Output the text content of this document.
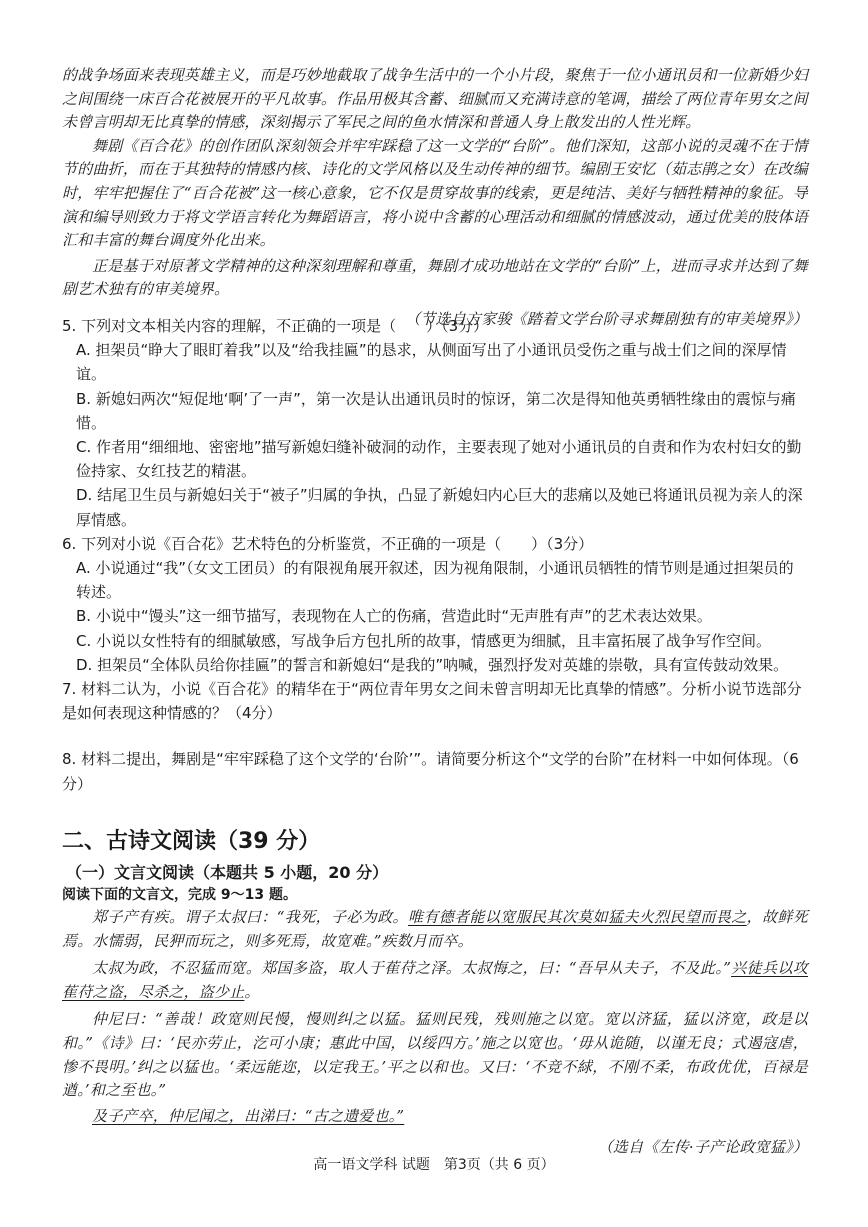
的战争场面来表现英雄主义，而是巧妙地截取了战争生活中的一个小片段，聚焦于一位小通讯员和一位新婚少妇之间围绕一床百合花被展开的平凡故事。作品用极其含蓄、细腻而又充满诗意的笔调，描绘了两位青年男女之间未曾言明却无比真挚的情感，深刻揭示了军民之间的鱼水情深和普通人身上散发出的人性光辉。

舞剧《百合花》的创作团队深刻领会并牢牢踩稳了这一文学的“台阶”。他们深知，这部小说的灵魂不在于情节的曲折，而在于其独特的情感内核、诗化的文学风格以及生动传神的细节。编剧王安忆（茹志鹃之女）在改编时，牢牢把握住了“百合花被”这一核心意象，它不仅是贯穿故事的线索，更是纯洁、美好与牺牲精神的象征。导演和编导则致力于将文学语言转化为舞蹈语言，将小说中含蓄的心理活动和细腻的情感波动，通过优美的肢体语汇和丰富的舞台调度外化出来。

正是基于对原著文学精神的这种深刻理解和尊重，舞剧才成功地站在文学的“台阶”上，进而寻求并达到了舞剧艺术独有的审美境界。

（节选自方家骏《踏着文学台阶寻求舞剧独有的审美境界》）

5. 下列对文本相关内容的理解，不正确的一项是（　　）（3分）

A. 担架员“睁大了眼盯着我”以及“给我挂匾”的恳求，从侧面写出了小通讯员受伤之重与战士们之间的深厚情谊。

B. 新媳妇两次“短促地‘啊’了一声”，第一次是认出通讯员时的惊讶，第二次是得知他英勇牺牲缘由的震惊与痛惜。

C. 作者用“细细地、密密地”描写新媳妇缝补破洞的动作，主要表现了她对小通讯员的自责和作为农村妇女的勤俭持家、女红技艺的精湛。

D. 结尾卫生员与新媳妇关于“被子”归属的争执，凸显了新媳妇内心巨大的悲痛以及她已将通讯员视为亲人的深厚情感。

6. 下列对小说《百合花》艺术特色的分析鉴赏，不正确的一项是（　　）（3分）

A. 小说通过“我”（女文工团员）的有限视角展开叙述，因为视角限制，小通讯员牺牲的情节则是通过担架员的转述。

B. 小说中“馒头”这一细节描写，表现物在人亡的伤痛，营造此时“无声胜有声”的艺术表达效果。

C. 小说以女性特有的细腻敏感，写战争后方包扎所的故事，情感更为细腻，且丰富拓展了战争写作空间。

D. 担架员“全体队员给你挂匾”的誓言和新媳妇“是我的”呐喊，强烈抒发对英雄的崇敬，具有宣传鼓动效果。

7. 材料二认为，小说《百合花》的精华在于“两位青年男女之间未曾言明却无比真挚的情感”。分析小说节选部分是如何表现这种情感的？（4分）

8. 材料二提出，舞剧是“牢牢踩稳了这个文学的‘台阶’”。请简要分析这个“文学的台阶”在材料一中如何体现。（6分）

二、古诗文阅读（39 分）
（一）文言文阅读（本题共 5 小题，20 分）
阅读下面的文言文，完成 9～13 题。

郑子产有疾。谓子太叔曰：“我死，子必为政。唯有德者能以宽服民其次莫如猛夫火烈民望而畏之，故鲜死焉。水懦弱，民狎而玩之，则多死焉，故宽难。”疾数月而卒。

太叔为政，不忍猛而宽。郑国多盗，取人于萑苻之泽。太叔悔之，曰：“吾早从夫子，不及此。”兴徒兵以攻萑苻之盗，尽杀之，盗少止。

仲尼曰：“善哉！政宽则民慢，慢则纠之以猛。猛则民残，残则施之以宽。宽以济猛，猛以济宽，政是以和。”《诗》曰：‘民亦劳止，汔可小康；惠此中国，以绥四方。’施之以宽也。‘毋从诡随，以谨无良；式遏寇虐，惨不畏明。’纠之以猛也。‘柔远能迩，以定我王。’平之以和也。又曰：‘不竞不絿，不刚不柔，布政优优，百禄是遒。’和之至也。”

及子产卒，仲尼闻之，出涕曰：“古之遗爱也。”

（选自《左传·子产论政宽猛》）

高一语文学科 试题　第3页（共 6 页）
